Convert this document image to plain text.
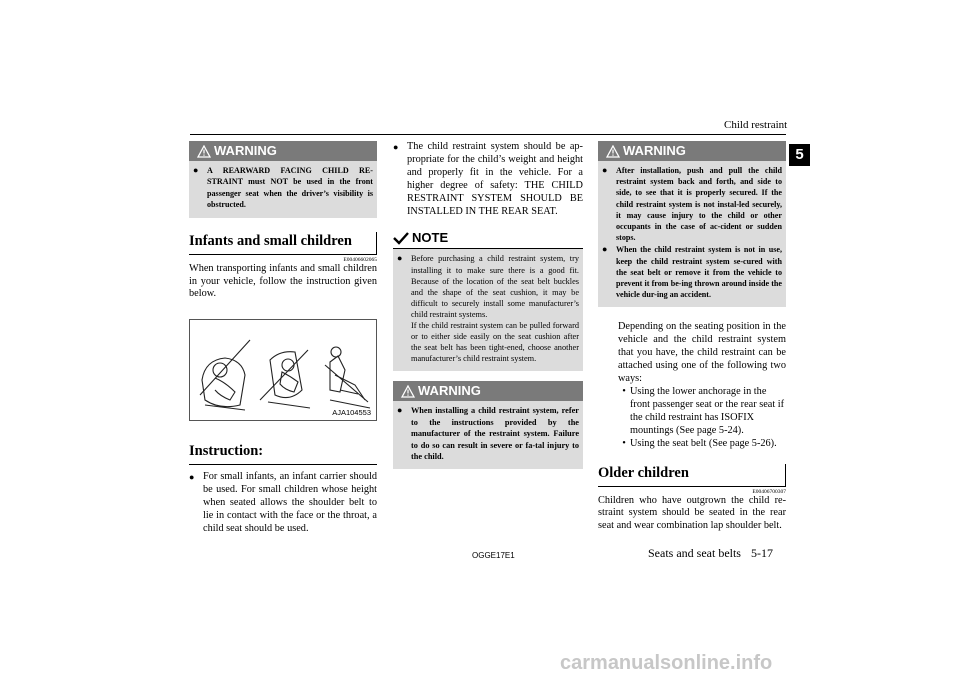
Child restraint
5
WARNING
●	A REARWARD FACING CHILD RE-STRAINT must NOT be used in the front passenger seat when the driver’s visibility is obstructed.
Infants and small children
E00406602065
When transporting infants and small children in your vehicle, follow the instruction given below.
AJA104553
Instruction:
● For small infants, an infant carrier should be used. For small children whose height when seated allows the shoulder belt to lie in contact with the face or the throat, a child seat should be used.
● The child restraint system should be ap-propriate for the child’s weight and height and properly fit in the vehicle. For a higher degree of safety: THE CHILD RESTRAINT SYSTEM SHOULD BE INSTALLED IN THE REAR SEAT.
NOTE
●	Before purchasing a child restraint system, try installing it to make sure there is a good fit. Because of the location of the seat belt buckles and the shape of the seat cushion, it may be difficult to securely install some manufacturer’s child restraint systems.
If the child restraint system can be pulled forward or to either side easily on the seat cushion after the seat belt has been tight-ened, choose another manufacturer’s child restraint system.
WARNING
●	When installing a child restraint system, refer to the instructions provided by the manufacturer of the restraint system. Failure to do so can result in severe or fa-tal injury to the child.
WARNING
●	After installation, push and pull the child restraint system back and forth, and side to side, to see that it is properly secured. If the child restraint system is not instal-led securely, it may cause injury to the child or other occupants in the case of ac-cident or sudden stops.
●	When the child restraint system is not in use, keep the child restraint system se-cured with the seat belt or remove it from the vehicle to prevent it from be-ing thrown around inside the vehicle dur-ing an accident.
Depending on the seating position in the vehicle and the child restraint system that you have, the child restraint can be attached using one of the following two ways:
• Using the lower anchorage in the front passenger seat or the rear seat if the child restraint has ISOFIX mountings (See page 5-24).
• Using the seat belt (See page 5-26).
Older children
E00406700307
Children who have outgrown the child re-straint system should be seated in the rear seat and wear combination lap shoulder belt.
OGGE17E1	Seats and seat belts 5-17
carmanualsonline.info
